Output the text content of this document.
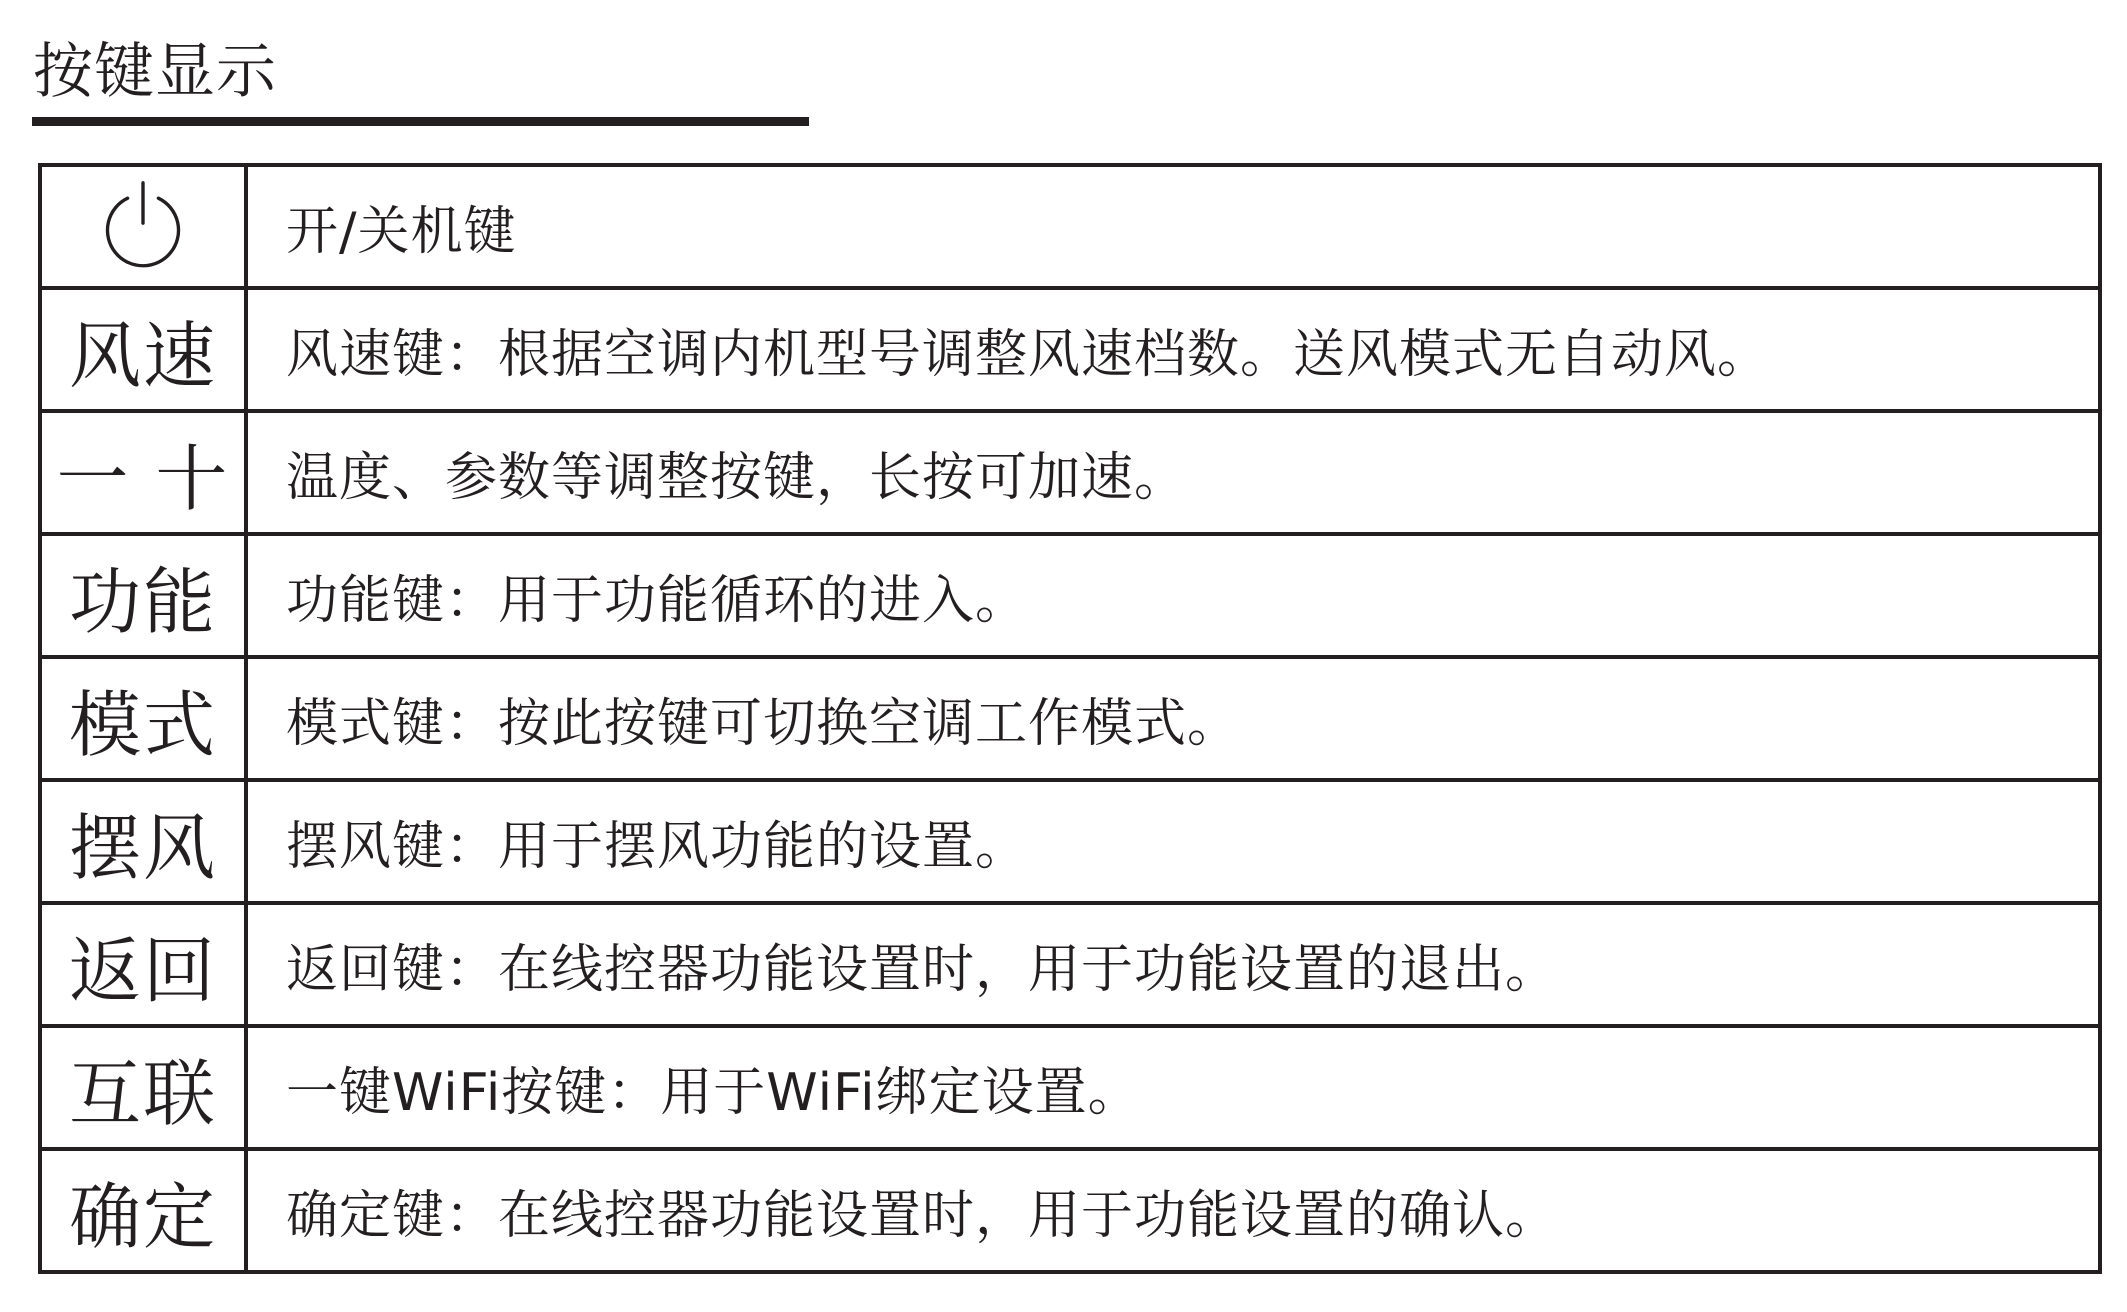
按键显示
	开/关机键
风速	风速键：根据空调内机型号调整风速档数。送风模式无自动风。
一 十	温度、参数等调整按键，长按可加速。
功能	功能键：用于功能循环的进入。
模式	模式键：按此按键可切换空调工作模式。
摆风	摆风键：用于摆风功能的设置。
返回	返回键：在线控器功能设置时，用于功能设置的退出。
互联	一键WiFi按键：用于WiFi绑定设置。
确定	确定键：在线控器功能设置时，用于功能设置的确认。
